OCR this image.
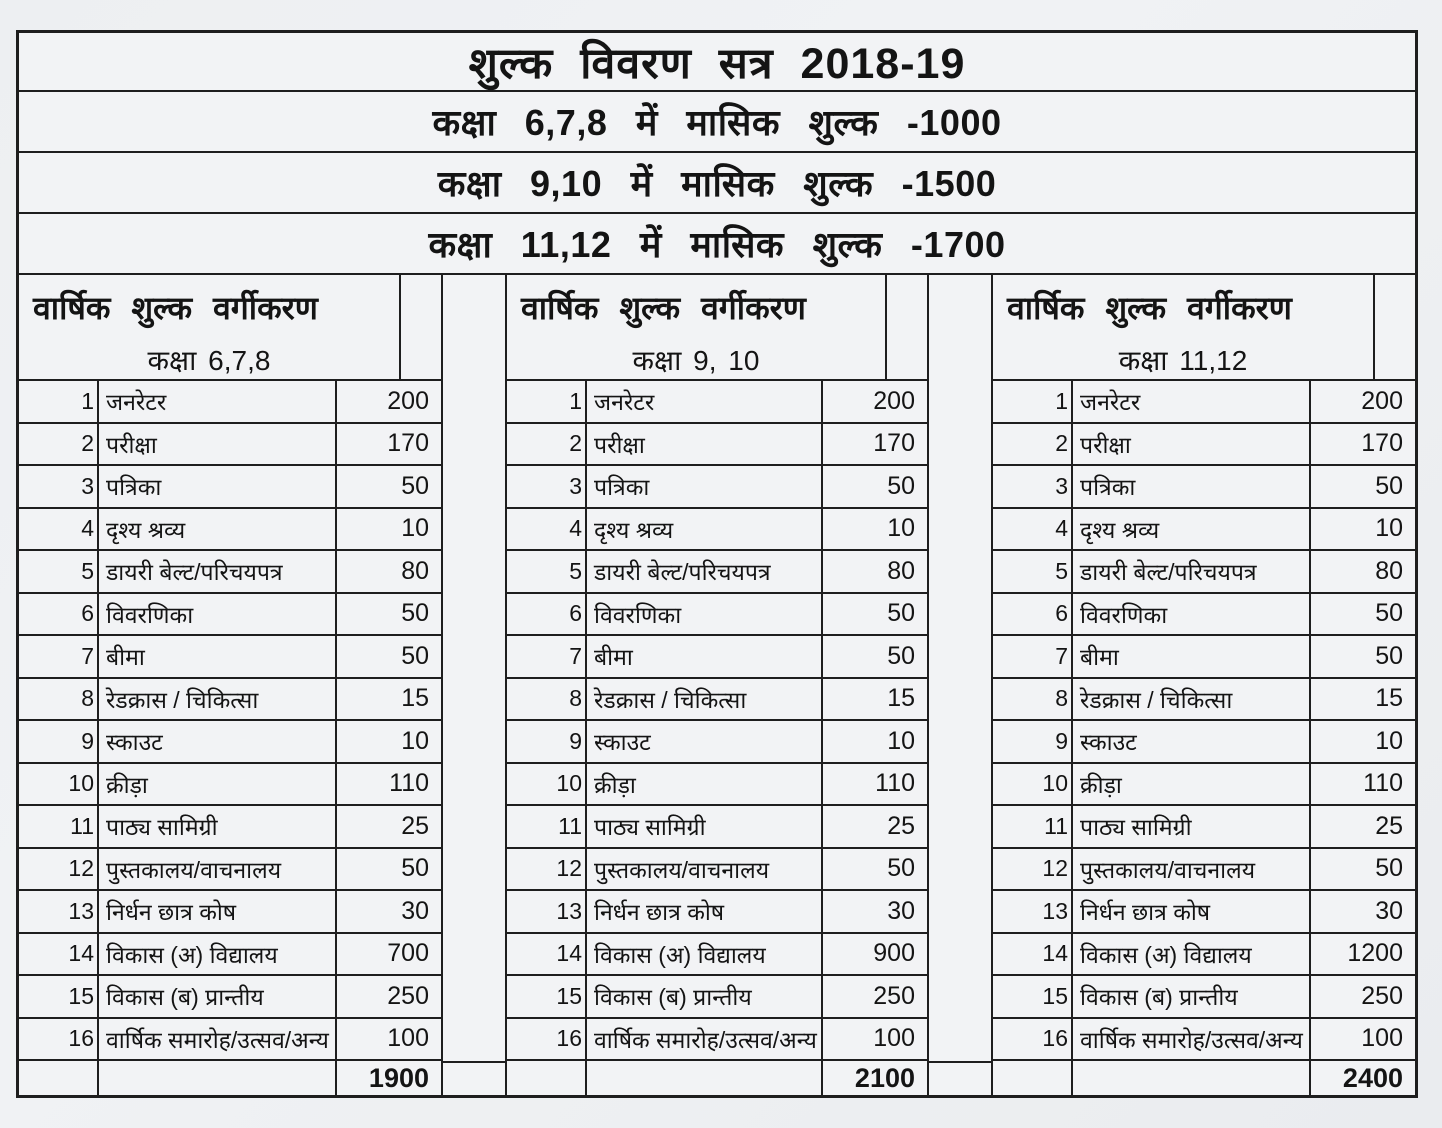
शुल्क विवरण सत्र 2018-19
कक्षा 6,7,8 में मासिक शुल्क -1000
कक्षा 9,10 में मासिक शुल्क -1500
कक्षा 11,12 में मासिक शुल्क -1700
वार्षिक शुल्क वर्गीकरण
कक्षा 6,7,8
1 जनरेटर	200
2 परीक्षा	170
3 पत्रिका	50
4 दृश्य श्रव्य	10
5 डायरी बेल्ट/परिचयपत्र	80
6 विवरणिका	50
7 बीमा	50
8 रेडक्रास / चिकित्सा	15
9 स्काउट	10
10 क्रीड़ा	110
11 पाठ्य सामिग्री	25
12 पुस्तकालय/वाचनालय	50
13 निर्धन छात्र कोष	30
14 विकास (अ) विद्यालय	700
15 विकास (ब) प्रान्तीय	250
16 वार्षिक समारोह/उत्सव/अन्य	100
1900
वार्षिक शुल्क वर्गीकरण
कक्षा 9, 10
1 जनरेटर	200
2 परीक्षा	170
3 पत्रिका	50
4 दृश्य श्रव्य	10
5 डायरी बेल्ट/परिचयपत्र	80
6 विवरणिका	50
7 बीमा	50
8 रेडक्रास / चिकित्सा	15
9 स्काउट	10
10 क्रीड़ा	110
11 पाठ्य सामिग्री	25
12 पुस्तकालय/वाचनालय	50
13 निर्धन छात्र कोष	30
14 विकास (अ) विद्यालय	900
15 विकास (ब) प्रान्तीय	250
16 वार्षिक समारोह/उत्सव/अन्य	100
2100
वार्षिक शुल्क वर्गीकरण
कक्षा 11,12
1 जनरेटर	200
2 परीक्षा	170
3 पत्रिका	50
4 दृश्य श्रव्य	10
5 डायरी बेल्ट/परिचयपत्र	80
6 विवरणिका	50
7 बीमा	50
8 रेडक्रास / चिकित्सा	15
9 स्काउट	10
10 क्रीड़ा	110
11 पाठ्य सामिग्री	25
12 पुस्तकालय/वाचनालय	50
13 निर्धन छात्र कोष	30
14 विकास (अ) विद्यालय	1200
15 विकास (ब) प्रान्तीय	250
16 वार्षिक समारोह/उत्सव/अन्य	100
2400
